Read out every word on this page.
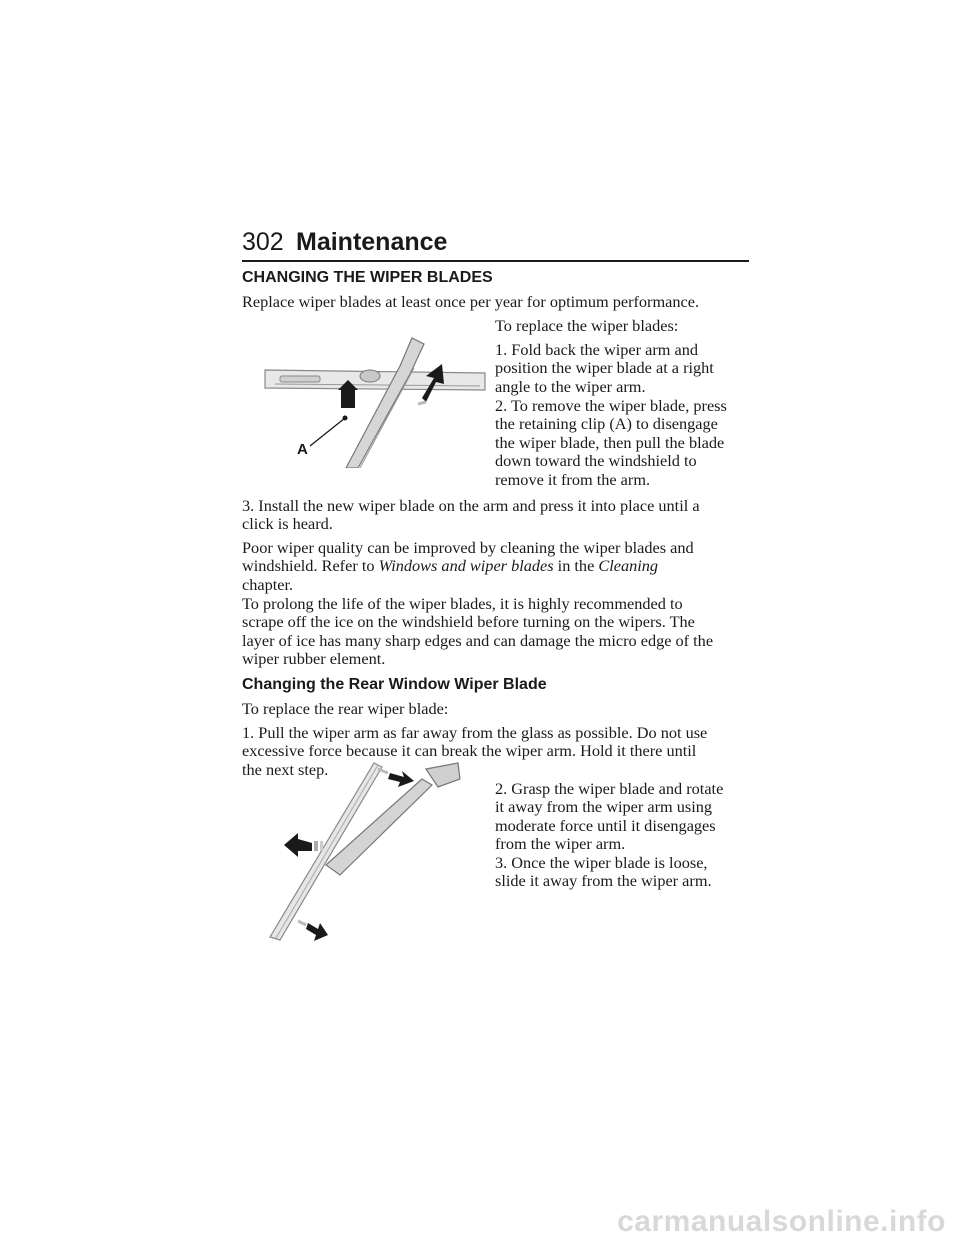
302 Maintenance
CHANGING THE WIPER BLADES
Replace wiper blades at least once per year for optimum performance.
To replace the wiper blades:
1. Fold back the wiper arm and
position the wiper blade at a right
angle to the wiper arm.
2. To remove the wiper blade, press
the retaining clip (A) to disengage
the wiper blade, then pull the blade
down toward the windshield to
remove it from the arm.
A
3. Install the new wiper blade on the arm and press it into place until a
click is heard.
Poor wiper quality can be improved by cleaning the wiper blades and
windshield. Refer to Windows and wiper blades in the Cleaning
chapter.
To prolong the life of the wiper blades, it is highly recommended to
scrape off the ice on the windshield before turning on the wipers. The
layer of ice has many sharp edges and can damage the micro edge of the
wiper rubber element.
Changing the Rear Window Wiper Blade
To replace the rear wiper blade:
1. Pull the wiper arm as far away from the glass as possible. Do not use
excessive force because it can break the wiper arm. Hold it there until
the next step.
2. Grasp the wiper blade and rotate
it away from the wiper arm using
moderate force until it disengages
from the wiper arm.
3. Once the wiper blade is loose,
slide it away from the wiper arm.
carmanualsonline.info
